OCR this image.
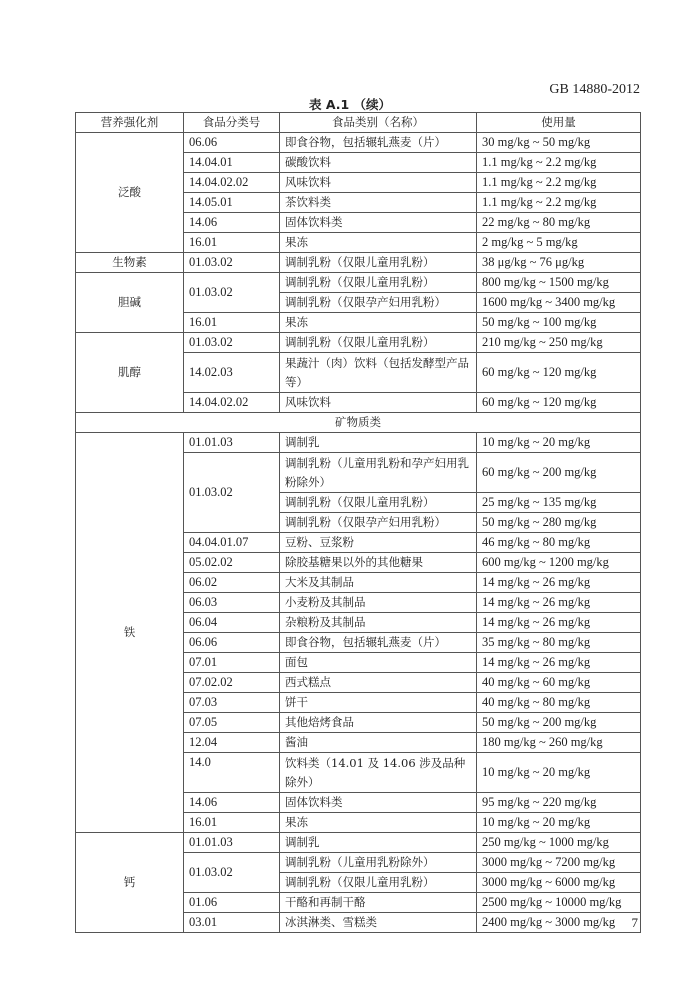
GB 14880-2012
表 A.1 （续）
营养强化剂	食品分类号	食品类别（名称）	使用量
泛酸	06.06	即食谷物，包括辗轧燕麦（片）	30 mg/kg ~ 50 mg/kg
	14.04.01	碳酸饮料	1.1 mg/kg ~ 2.2 mg/kg
	14.04.02.02	风味饮料	1.1 mg/kg ~ 2.2 mg/kg
	14.05.01	茶饮料类	1.1 mg/kg ~ 2.2 mg/kg
	14.06	固体饮料类	22 mg/kg ~ 80 mg/kg
	16.01	果冻	2 mg/kg ~ 5 mg/kg
生物素	01.03.02	调制乳粉（仅限儿童用乳粉）	38 μg/kg ~ 76 μg/kg
胆碱	01.03.02	调制乳粉（仅限儿童用乳粉）	800 mg/kg ~ 1500 mg/kg
		调制乳粉（仅限孕产妇用乳粉）	1600 mg/kg ~ 3400 mg/kg
	16.01	果冻	50 mg/kg ~ 100 mg/kg
肌醇	01.03.02	调制乳粉（仅限儿童用乳粉）	210 mg/kg ~ 250 mg/kg
	14.02.03	果蔬汁（肉）饮料（包括发酵型产品等）	60 mg/kg ~ 120 mg/kg
	14.04.02.02	风味饮料	60 mg/kg ~ 120 mg/kg
矿物质类			
铁	01.01.03	调制乳	10 mg/kg ~ 20 mg/kg
	01.03.02	调制乳粉（儿童用乳粉和孕产妇用乳粉除外）	60 mg/kg ~ 200 mg/kg
		调制乳粉（仅限儿童用乳粉）	25 mg/kg ~ 135 mg/kg
		调制乳粉（仅限孕产妇用乳粉）	50 mg/kg ~ 280 mg/kg
	04.04.01.07	豆粉、豆浆粉	46 mg/kg ~ 80 mg/kg
	05.02.02	除胶基糖果以外的其他糖果	600 mg/kg ~ 1200 mg/kg
	06.02	大米及其制品	14 mg/kg ~ 26 mg/kg
	06.03	小麦粉及其制品	14 mg/kg ~ 26 mg/kg
	06.04	杂粮粉及其制品	14 mg/kg ~ 26 mg/kg
	06.06	即食谷物，包括辗轧燕麦（片）	35 mg/kg ~ 80 mg/kg
	07.01	面包	14 mg/kg ~ 26 mg/kg
	07.02.02	西式糕点	40 mg/kg ~ 60 mg/kg
	07.03	饼干	40 mg/kg ~ 80 mg/kg
	07.05	其他焙烤食品	50 mg/kg ~ 200 mg/kg
	12.04	酱油	180 mg/kg ~ 260 mg/kg
	14.0	饮料类（14.01 及 14.06 涉及品种除外）	10 mg/kg ~ 20 mg/kg
	14.06	固体饮料类	95 mg/kg ~ 220 mg/kg
	16.01	果冻	10 mg/kg ~ 20 mg/kg
钙	01.01.03	调制乳	250 mg/kg ~ 1000 mg/kg
	01.03.02	调制乳粉（儿童用乳粉除外）	3000 mg/kg ~ 7200 mg/kg
		调制乳粉（仅限儿童用乳粉）	3000 mg/kg ~ 6000 mg/kg
	01.06	干酪和再制干酪	2500 mg/kg ~ 10000 mg/kg
	03.01	冰淇淋类、雪糕类	2400 mg/kg ~ 3000 mg/kg 7
